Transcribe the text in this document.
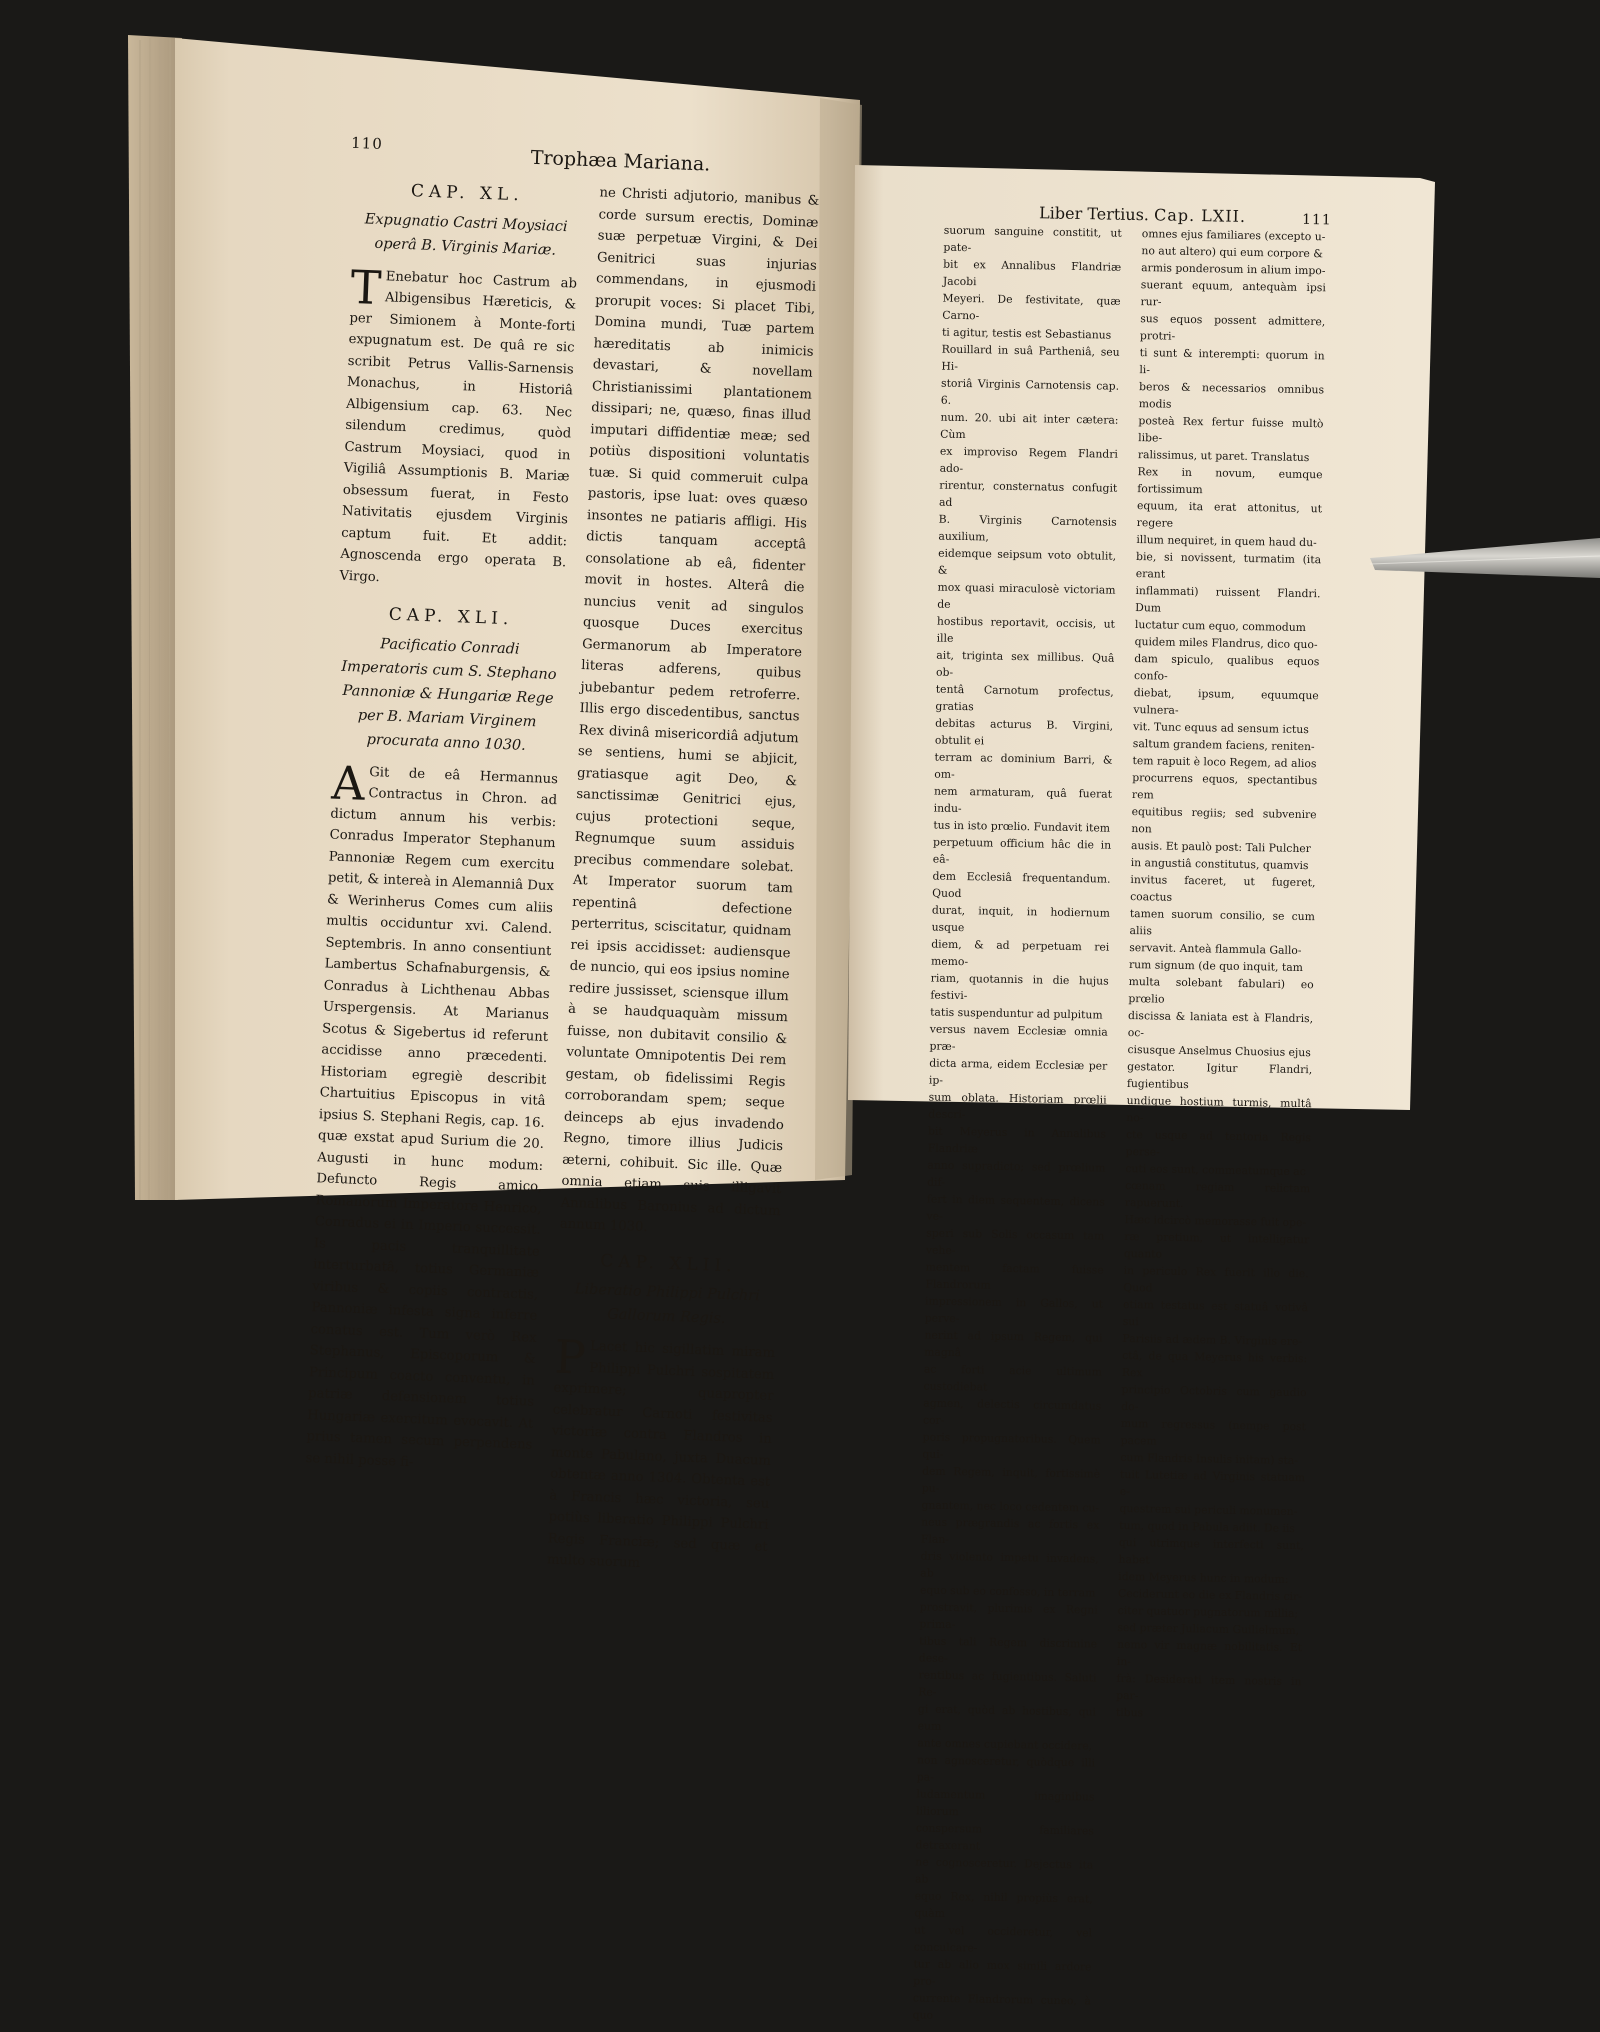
110
Trophæa Mariana.
CAP. XL.
Expugnatio Castri Moysiaci operâ B. Virginis Mariæ.

T Enebatur hoc Castrum ab Albigensibus Hæreticis, & per Simionem à Monte-forti expugnatum est. De quâ re sic scribit Petrus Vallis-Sarnensis Monachus, in Historiâ Albigensium cap. 63. Nec silendum credimus, quòd Castrum Moysiaci, quod in Vigiliâ Assumptionis B. Mariæ obsessum fuerat, in Festo Nativitatis ejusdem Virginis captum fuit. Et addit: Agnoscenda ergo operata B. Virgo.

CAP. XLI.
Pacificatio Conradi Imperatoris cum S. Stephano Pannoniæ & Hungariæ Rege per B. Mariam Virginem procurata anno 1030.

A Git de eâ Hermannus Contractus in Chron. ad dictum annum his verbis: Conradus Imperator Stephanum Pannoniæ Regem cum exercitu petit, & intereà in Alemanniâ Dux & Werinherus Comes cum aliis multis occiduntur xvi. Calend. Septembris. In anno consentiunt Lambertus Schafnaburgensis, & Conradus à Lichthenau Abbas Urspergensis. At Marianus Scotus & Sigebertus id referunt accidisse anno præcedenti. Historiam egregiè describit Chartuitius Episcopus in vitâ ipsius S. Stephani Regis, cap. 16. quæ exstat apud Surium die 20. Augusti in hunc modum: Defuncto Regis amico, Romanorum Imperatore Henrico, Conradus ei in Imperio successit. Is pacis tranquillitate interturbatâ, totius Germaniæ viribus & copiis contractis, Pannoniæ infesta signa inferre conatus est. Tum verò Rex Stephanus, Episcoporum & Principum coacto conventu, in patriæ defensionem totius Hungariæ exercitum evocavit. At prius tamen secum perpendens se nihil posse fi-

ne Christi adjutorio, manibus & corde sursum erectis, Dominæ suæ perpetuæ Virgini, & Dei Genitrici suas injurias commendans, in ejusmodi prorupit voces: Si placet Tibi, Domina mundi, Tuæ partem hæreditatis ab inimicis devastari, & novellam Christianissimi plantationem dissipari; ne, quæso, finas illud imputari diffidentiæ meæ; sed potiùs dispositioni voluntatis tuæ. Si quid commeruit culpa pastoris, ipse luat: oves quæso insontes ne patiaris affligi. His dictis tanquam acceptâ consolatione ab eâ, fidenter movit in hostes. Alterâ die nuncius venit ad singulos quosque Duces exercitus Germanorum ab Imperatore literas adferens, quibus jubebantur pedem retroferre. Illis ergo discedentibus, sanctus Rex divinâ misericordiâ adjutum se sentiens, humi se abjicit, gratiasque agit Deo, & sanctissimæ Genitrici ejus, cujus protectioni seque, Regnumque suum assiduis precibus commendare solebat. At Imperator suorum tam repentinâ defectione perterritus, sciscitatur, quidnam rei ipsis accidisset: audiensque de nuncio, qui eos ipsius nomine redire jussisset, sciensque illum à se haudquaquàm missum fuisse, non dubitavit consilio & voluntate Omnipotentis Dei rem gestam, ob fidelissimi Regis corroborandam spem; seque deinceps ab ejus invadendo Regno, timore illius Judicis æterni, cohibuit. Sic ille. Quæ omnia etiam suis illigavit Annalibus Baronius ad dictum annum 1030.

CAP. XLII.
Liberatio Philippi Pulchri Gallorum Regis.

P Lacet hic sigillatim miram Philippi Pulchri sospitatem exprimere; quapropter celebratur Carnoti festivitas victoriæ contra Flandros in monte Pabulano, juxta Duacum obtentæ anno 1304. Obtenta est à Francis hæc victoria, seu potiùs liberatio Philippi Pulchri Regis Franciæ; sed quæ et multo suorum

Liber Tertius. Cap. LXII.	111
suorum sanguine constitit, ut pate-
bit ex Annalibus Flandriæ Jacobi
Meyeri. De festivitate, quæ Carno-
ti agitur, testis est Sebastianus
Rouillard in suâ Partheniâ, seu Hi-
storiâ Virginis Carnotensis cap. 6.
num. 20. ubi ait inter cætera: Cùm
ex improviso Regem Flandri ado-
rirentur, consternatus confugit ad
B. Virginis Carnotensis auxilium,
eidemque seipsum voto obtulit, &
mox quasi miraculosè victoriam de
hostibus reportavit, occisis, ut ille
ait, triginta sex millibus. Quâ ob-
tentâ Carnotum profectus, gratias
debitas acturus B. Virgini, obtulit ei
terram ac dominium Barri, & om-
nem armaturam, quâ fuerat indu-
tus in isto prœlio. Fundavit item
perpetuum officium hâc die in eâ-
dem Ecclesiâ frequentandum. Quod
durat, inquit, in hodiernum usque
diem, & ad perpetuam rei memo-
riam, quotannis in die hujus festivi-
tatis suspenduntur ad pulpitum
versus navem Ecclesiæ omnia præ-
dicta arma, eidem Ecclesiæ per ip-
sum oblata. Historiam prœlii descri-
bit Meyerus in Annalibus Flandriæ
anno supradicto; sed prœlium dif-
fert in diem sequentem, dicens ve-
speri sub Solis occasum tam vehe-
mentem factam fuisse Flandrorum
impressionem in Gallos, ut perve-
nerint ad ipsum Regem, qui magnâ
ac forti acie ultimum custodiebat
agmen, delectis circumdatus cor-
poris propugnatoribus. Quem qui-
dem Regem, inquit, fortissimè pu-
gnantem, nec loco cedentem cu-
neus prægrandis ac fortis ex Flan-
dris violento impetu invadens, ab
equo sub eo confosso, in terram
prostravit, plurimis ex Regni prima-
tibus tali Regem discrimine dese-
rentibus ac fugientibus. Saluti Re-
gi erat, quòd ab hostibus, qui eum
ante omnes cupiebant occidere,
non agnosceretur, quòdque illi pa-
ludamentum imaginibus liliorum
conspersum familiares detraxerant
ne cognosceretur. Dejectus ita ab
equo Rex, nihil propiùs erat, quàm
ut vel occideretur, vel conculcare-
tur ab alio mox simili ardore pro-
currente Flandrorum cuneo, à quo
omnes ejus familiares (excepto u-
no aut altero) qui eum corpore &
armis ponderosum in alium impo-
suerant equum, antequàm ipsi rur-
sus equos possent admittere, protri-
ti sunt & interempti: quorum in li-
beros & necessarios omnibus modis
posteà Rex fertur fuisse multò libe-
ralissimus, ut paret. Translatus
Rex in novum, eumque fortissimum
equum, ita erat attonitus, ut regere
illum nequiret, in quem haud du-
bie, si novissent, turmatim (ita erant
inflammati) ruissent Flandri. Dum
luctatur cum equo, commodum
quidem miles Flandrus, dico quo-
dam spiculo, qualibus equos confo-
diebat, ipsum, equumque vulnera-
vit. Tunc equus ad sensum ictus
saltum grandem faciens, reniten-
tem rapuit è loco Regem, ad alios
procurrens equos, spectantibus rem
equitibus regiis; sed subvenire non
ausis. Et paulò post: Tali Pulcher
in angustiâ constitutus, quamvis
invitus faceret, ut fugeret, coactus
tamen suorum consilio, se cum aliis
servavit. Anteà flammula Gallo-
rum signum (de quo inquit, tam
multa solebant fabulari) eo prœlio
discissa & laniata est à Flandris, oc-
cisusque Anselmus Chuosius ejus
gestator. Igitur Flandri, fugientibus
undique hostium turmis, multâ no-
cte usque ad tentoria Regis perse-
cuti eos sunt, commeatumque ac
cœnam regiam relictam rapuerunt.
Hæc idcircò memorasse fuit ope-
ræ pretium, ut intelligatur quanto
in periculo Rex fuerit illo die. Quod
etiam testatus est statuâ votivâ sui
Parisiis ad ædem B. Virginis ere-
ctâ, de qua Meyerus his verbis: Rex
principio Octobris cum gaudio do-
mum regressus (nempe post pacem
cum Flandris Insulis initam) sta-
tuit Lutetiæ ad Virginis statuam e-
questrem sui periculi monumen-
tum, quod in Pabula adiit. De iis
qui utrimque interfecti sunt, habet
idem Meyerus hunc in modum:
Ceciderunt eo die ex Flandris cir-
citer quatuor pugnatorum millia;
sed præter Juliacum Guilielmum,
nemo vir magnæ nobilitatis. Et in-
frà: Desiderati item nostris in par-
tibus
